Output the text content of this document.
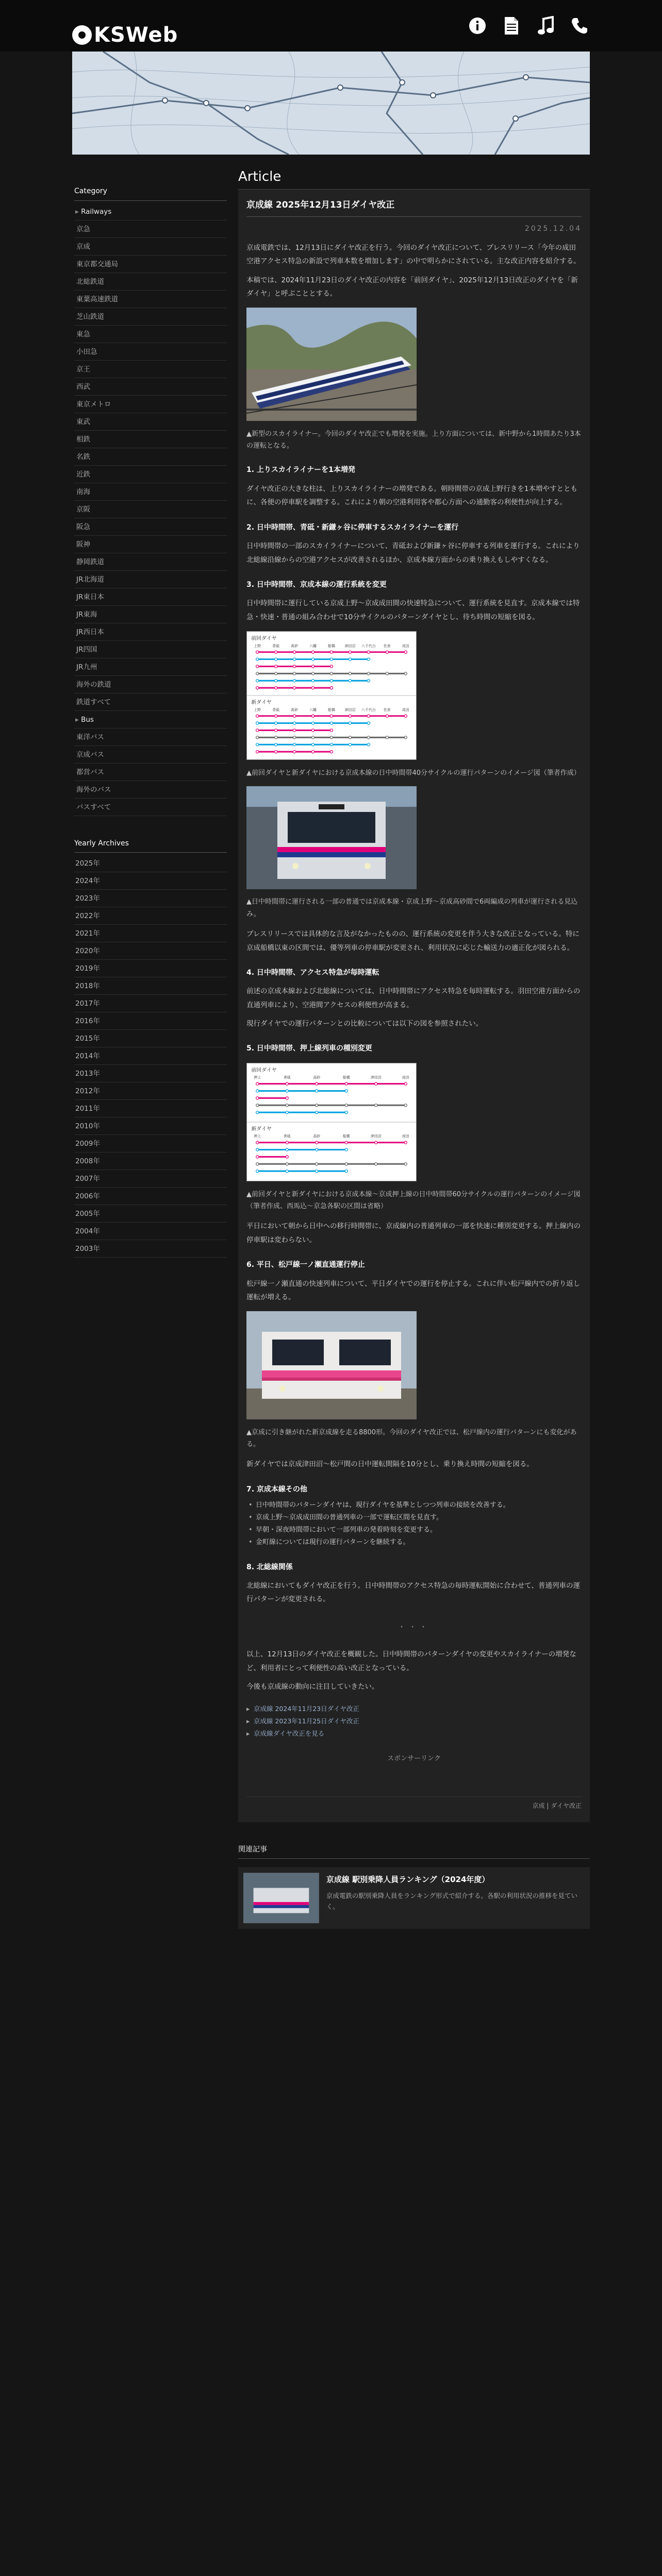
KSWeb
Category
▸ Railways
京急
京成
東京都交通局
北総鉄道
東葉高速鉄道
芝山鉄道
東急
小田急
京王
西武
東京メトロ
東武
相鉄
名鉄
近鉄
南海
京阪
阪急
阪神
静岡鉄道
JR北海道
JR東日本
JR東海
JR西日本
JR四国
JR九州
海外の鉄道
鉄道すべて
▸ Bus
東洋バス
京成バス
都営バス
海外のバス
バスすべて
Yearly Archives
2025年
2024年
2023年
2022年
2021年
2020年
2019年
2018年
2017年
2016年
2015年
2014年
2013年
2012年
2011年
2010年
2009年
2008年
2007年
2006年
2005年
2004年
2003年
Article
京成線 2025年12月13日ダイヤ改正
2025.12.04

京成電鉄では、12月13日にダイヤ改正を行う。今回のダイヤ改正について、プレスリリース「今年の成田空港アクセス特急の新設で列車本数を増加します」の中で明らかにされている。主な改正内容を紹介する。

本稿では、2024年11月23日のダイヤ改正の内容を「前回ダイヤ」、2025年12月13日改正のダイヤを「新ダイヤ」と呼ぶこととする。

▲新型のスカイライナー。今回のダイヤ改正でも増発を実施。上り方面については、新中野から1時間あたり3本の運転となる。
1. 上りスカイライナーを1本増発

ダイヤ改正の大きな柱は、上りスカイライナーの増発である。朝時間帯の京成上野行きを1本増やすとともに、各便の停車駅を調整する。これにより朝の空港利用客や都心方面への通勤客の利便性が向上する。

2. 日中時間帯、青砥・新鎌ヶ谷に停車するスカイライナーを運行

日中時間帯の一部のスカイライナーについて、青砥および新鎌ヶ谷に停車する列車を運行する。これにより北総線沿線からの空港アクセスが改善されるほか、京成本線方面からの乗り換えもしやすくなる。

3. 日中時間帯、京成本線の運行系統を変更

日中時間帯に運行している京成上野〜京成成田間の快速特急について、運行系統を見直す。京成本線では特急・快速・普通の組み合わせで10分サイクルのパターンダイヤとし、待ち時間の短縮を図る。

前回ダイヤ
上野	青砥	高砂	八幡	船橋	津田沼 八千代台 佐倉	成田
新ダイヤ
上野	青砥	高砂	八幡	船橋	津田沼 八千代台 佐倉	成田
▲前回ダイヤと新ダイヤにおける京成本線の日中時間帯40分サイクルの運行パターンのイメージ図（筆者作成）
▲日中時間帯に運行される一部の普通では京成本線・京成上野〜京成高砂間で6両編成の列車が運行される見込み。

プレスリリースでは具体的な言及がなかったものの、運行系統の変更を伴う大きな改正となっている。特に京成船橋以東の区間では、優等列車の停車駅が変更され、利用状況に応じた輸送力の適正化が図られる。

4. 日中時間帯、アクセス特急が毎時運転

前述の京成本線および北総線については、日中時間帯にアクセス特急を毎時運転する。羽田空港方面からの直通列車により、空港間アクセスの利便性が高まる。

現行ダイヤでの運行パターンとの比較については以下の図を参照されたい。

5. 日中時間帯、押上線列車の種別変更
前回ダイヤ
押上	青砥	高砂	船橋	津田沼	成田
新ダイヤ
押上	青砥	高砂	船橋	津田沼	成田
▲前回ダイヤと新ダイヤにおける京成本線〜京成押上線の日中時間帯60分サイクルの運行パターンのイメージ図（筆者作成、西馬込〜京急各駅の区間は省略）

平日において朝から日中への移行時間帯に、京成線内の普通列車の一部を快速に種別変更する。押上線内の停車駅は変わらない。

6. 平日、松戸線一ノ瀬直通運行停止

松戸線一ノ瀬直通の快速列車について、平日ダイヤでの運行を停止する。これに伴い松戸線内での折り返し運転が増える。

▲京成に引き継がれた新京成線を走る8800形。今回のダイヤ改正では、松戸線内の運行パターンにも変化がある。

新ダイヤでは京成津田沼〜松戸間の日中運転間隔を10分とし、乗り換え時間の短縮を図る。

7. 京成本線その他
• 日中時間帯のパターンダイヤは、現行ダイヤを基準としつつ列車の接続を改善する。
• 京成上野〜京成成田間の普通列車の一部で運転区間を見直す。
• 早朝・深夜時間帯において一部列車の発着時刻を変更する。
• 金町線については現行の運行パターンを継続する。
8. 北総線関係

北総線においてもダイヤ改正を行う。日中時間帯のアクセス特急の毎時運転開始に合わせて、普通列車の運行パターンが変更される。

・・・

以上、12月13日のダイヤ改正を概観した。日中時間帯のパターンダイヤの変更やスカイライナーの増発など、利用者にとって利便性の高い改正となっている。

今後も京成線の動向に注目していきたい。

▸ 京成線 2024年11月23日ダイヤ改正
▸ 京成線 2023年11月25日ダイヤ改正
▸ 京成線ダイヤ改正を見る
スポンサーリンク
京成 | ダイヤ改正
関連記事
京成線 駅別乗降人員ランキング（2024年度）
京成電鉄の駅別乗降人員をランキング形式で紹介する。各駅の利用状況の推移を見ていく。
